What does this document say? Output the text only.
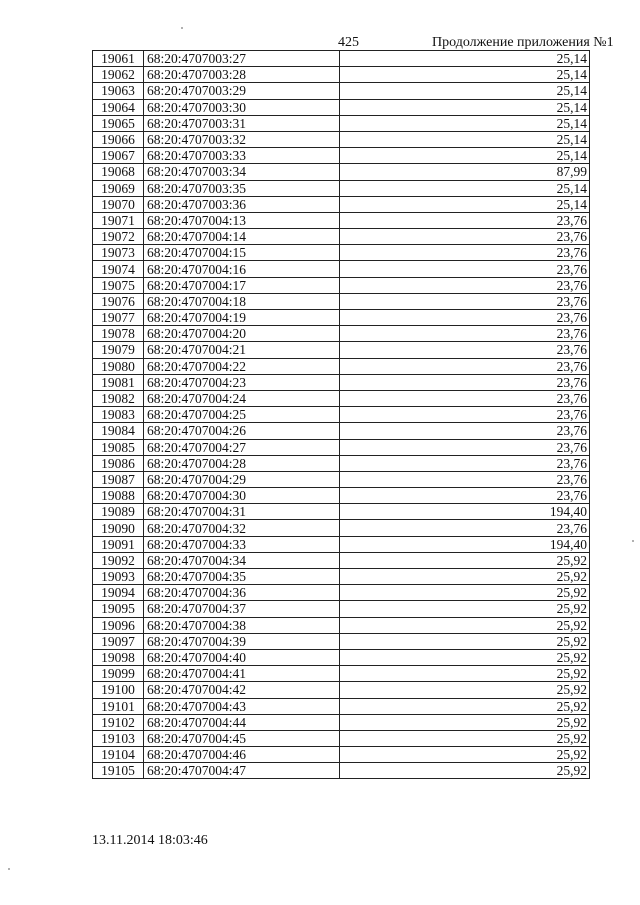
425	Продолжение приложения №1
19061	68:20:4707003:27	25,14
19062	68:20:4707003:28	25,14
19063	68:20:4707003:29	25,14
19064	68:20:4707003:30	25,14
19065	68:20:4707003:31	25,14
19066	68:20:4707003:32	25,14
19067	68:20:4707003:33	25,14
19068	68:20:4707003:34	87,99
19069	68:20:4707003:35	25,14
19070	68:20:4707003:36	25,14
19071	68:20:4707004:13	23,76
19072	68:20:4707004:14	23,76
19073	68:20:4707004:15	23,76
19074	68:20:4707004:16	23,76
19075	68:20:4707004:17	23,76
19076	68:20:4707004:18	23,76
19077	68:20:4707004:19	23,76
19078	68:20:4707004:20	23,76
19079	68:20:4707004:21	23,76
19080	68:20:4707004:22	23,76
19081	68:20:4707004:23	23,76
19082	68:20:4707004:24	23,76
19083	68:20:4707004:25	23,76
19084	68:20:4707004:26	23,76
19085	68:20:4707004:27	23,76
19086	68:20:4707004:28	23,76
19087	68:20:4707004:29	23,76
19088	68:20:4707004:30	23,76
19089	68:20:4707004:31	194,40
19090	68:20:4707004:32	23,76
19091	68:20:4707004:33	194,40
19092	68:20:4707004:34	25,92
19093	68:20:4707004:35	25,92
19094	68:20:4707004:36	25,92
19095	68:20:4707004:37	25,92
19096	68:20:4707004:38	25,92
19097	68:20:4707004:39	25,92
19098	68:20:4707004:40	25,92
19099	68:20:4707004:41	25,92
19100	68:20:4707004:42	25,92
19101	68:20:4707004:43	25,92
19102	68:20:4707004:44	25,92
19103	68:20:4707004:45	25,92
19104	68:20:4707004:46	25,92
19105	68:20:4707004:47	25,92
13.11.2014 18:03:46
